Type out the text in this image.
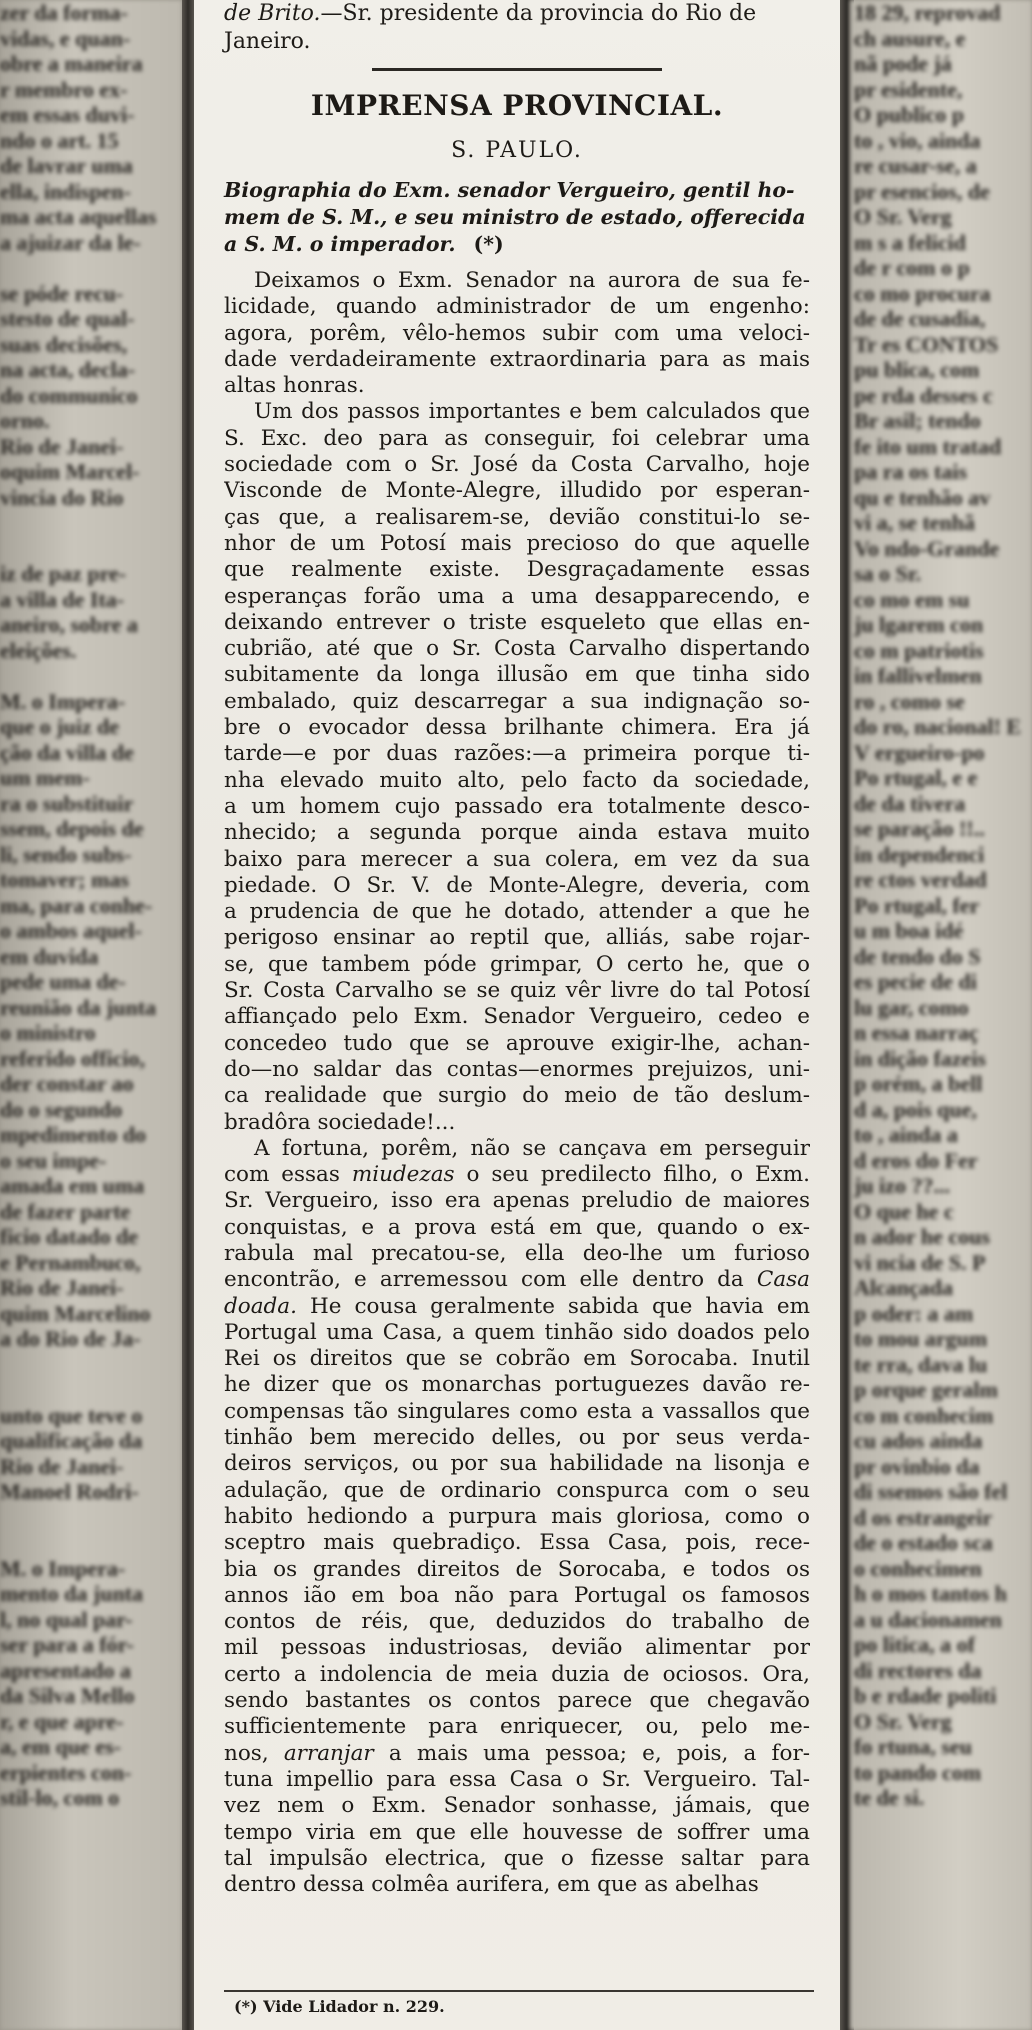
zer da forma-
vidas, e quan-
obre a maneira
r membro ex-
em essas duvi-
ndo o art. 15
de lavrar uma
ella, indispen-
ma acta aquellas
a ajuizar da le-

se póde recu-
stesto de qual-
suas decisões,
na acta, decla-
do communico
orno.
Rio de Janei-
oquim Marcel-
vincia do Rio

iz de paz pre-
a villa de Ita-
aneiro, sobre a
eleições.

M. o Impera-
que o juiz de
ção da villa de
um mem-
ra o substituir
ssem, depois de
li, sendo subs-
tomaver; mas
ma, para conhe-
o ambos aquel-
em duvida
pede uma de-
reunião da junta
o ministro
referido officio,
der constar ao
do o segundo
mpedimento do
o seu impe-
amada em uma
de fazer parte
ficio datado de
e Pernambuco,
Rio de Janei-
quim Marcelino
a do Rio de Ja-

unto que teve o
qualificação da
Rio de Janei-
Manoel Rodri-

M. o Impera-
mento da junta
l, no qual par-
ser para a fór-
apresentado a
da Silva Mello
r, e que apre-
a, em que es-
erpientes con-
stil-lo, com o
de Brito.—Sr. presidente da provincia do Rio de
Janeiro.
IMPRENSA PROVINCIAL.
S. PAULO.
Biographia do Exm. senador Vergueiro, gentil ho-
mem de S. M., e seu ministro de estado, offerecida
a S. M. o imperador. (*)
Deixamos o Exm. Senador na aurora de sua fe-
licidade, quando administrador de um engenho:
agora, porêm, vêlo-hemos subir com uma veloci-
dade verdadeiramente extraordinaria para as mais
altas honras.
Um dos passos importantes e bem calculados que
S. Exc. deo para as conseguir, foi celebrar uma
sociedade com o Sr. José da Costa Carvalho, hoje
Visconde de Monte-Alegre, illudido por esperan-
ças que, a realisarem-se, devião constitui-lo se-
nhor de um Potosí mais precioso do que aquelle
que realmente existe. Desgraçadamente essas
esperanças forão uma a uma desapparecendo, e
deixando entrever o triste esqueleto que ellas en-
cubrião, até que o Sr. Costa Carvalho dispertando
subitamente da longa illusão em que tinha sido
embalado, quiz descarregar a sua indignação so-
bre o evocador dessa brilhante chimera. Era já
tarde—e por duas razões:—a primeira porque ti-
nha elevado muito alto, pelo facto da sociedade,
a um homem cujo passado era totalmente desco-
nhecido; a segunda porque ainda estava muito
baixo para merecer a sua colera, em vez da sua
piedade. O Sr. V. de Monte-Alegre, deveria, com
a prudencia de que he dotado, attender a que he
perigoso ensinar ao reptil que, alliás, sabe rojar-
se, que tambem póde grimpar, O certo he, que o
Sr. Costa Carvalho se se quiz vêr livre do tal Potosí
affiançado pelo Exm. Senador Vergueiro, cedeo e
concedeo tudo que se aprouve exigir-lhe, achan-
do—no saldar das contas—enormes prejuizos, uni-
ca realidade que surgio do meio de tão deslum-
bradôra sociedade!...
A fortuna, porêm, não se cançava em perseguir
com essas miudezas o seu predilecto filho, o Exm.
Sr. Vergueiro, isso era apenas preludio de maiores
conquistas, e a prova está em que, quando o ex-
rabula mal precatou-se, ella deo-lhe um furioso
encontrão, e arremessou com elle dentro da Casa
doada. He cousa geralmente sabida que havia em
Portugal uma Casa, a quem tinhão sido doados pelo
Rei os direitos que se cobrão em Sorocaba. Inutil
he dizer que os monarchas portuguezes davão re-
compensas tão singulares como esta a vassallos que
tinhão bem merecido delles, ou por seus verda-
deiros serviços, ou por sua habilidade na lisonja e
adulação, que de ordinario conspurca com o seu
habito hediondo a purpura mais gloriosa, como o
sceptro mais quebradiço. Essa Casa, pois, rece-
bia os grandes direitos de Sorocaba, e todos os
annos ião em boa não para Portugal os famosos
contos de réis, que, deduzidos do trabalho de
mil pessoas industriosas, devião alimentar por
certo a indolencia de meia duzia de ociosos. Ora,
sendo bastantes os contos parece que chegavão
sufficientemente para enriquecer, ou, pelo me-
nos, arranjar a mais uma pessoa; e, pois, a for-
tuna impellio para essa Casa o Sr. Vergueiro. Tal-
vez nem o Exm. Senador sonhasse, jámais, que
tempo viria em que elle houvesse de soffrer uma
tal impulsão electrica, que o fizesse saltar para
dentro dessa colmêa aurifera, em que as abelhas
(*) Vide Lidador n. 229.
18 29, reprovad
ch ausure, e
nã pode já
pr esidente,
O publico p
to , vio, ainda
re cusar-se, a
pr esencios, de
O Sr. Verg
m s a felicid
de r com o p
co mo procura
de de cusadia,
Tr es CONTOS
pu blica, com
pe rda desses c
Br asil; tendo
fe ito um tratad
pa ra os tais
qu e tenhão av
vi a, se tenhã
Vo ndo-Grande
sa o Sr.
co mo em su
ju lgarem con
co m patriotis
in fallivelmen
ro , como se
do ro, nacional! E
V ergueiro-po
Po rtugal, e e
de da tivera
se paração !!..
in dependenci
re ctos verdad
Po rtugal, fer
u m boa idé
de tendo do S
es pecie de di
lu gar, como
n essa narraç
in dição fazeis
p orém, a bell
d a, pois que,
to , ainda a
d eros do Fer
ju izo ??...
O que he c
n ador he cous
vi ncia de S. P
Alcançada
p oder: a am
to mou argum
te rra, dava lu
p orque geralm
co m conhecim
cu ados ainda
pr ovinbio da
di ssemos são fel
d os estrangeir
de o estado sca
o conhecimen
h o mos tantos h
a u dacionamen
po litica, a of
di rectores da
b e rdade politi
O Sr. Verg
fo rtuna, seu
to pando com
te de si.
